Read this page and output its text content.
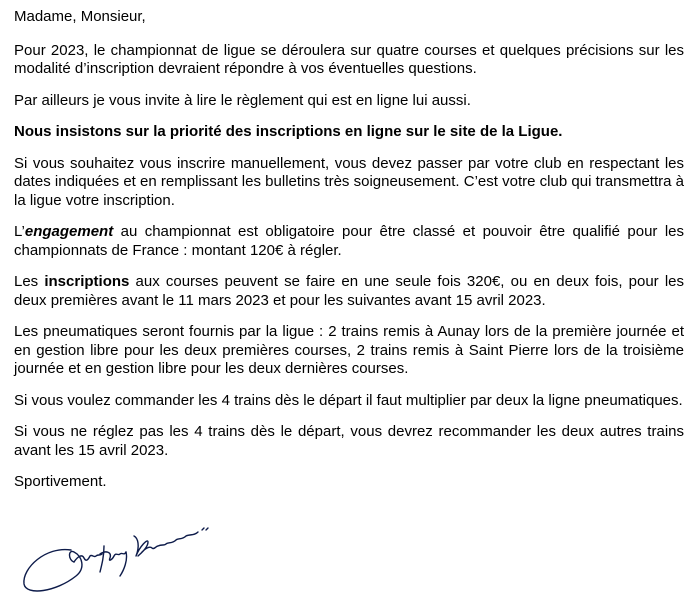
Madame, Monsieur,

Pour 2023, le championnat de ligue se déroulera sur quatre courses et quelques précisions sur les modalité d’inscription devraient répondre à vos éventuelles questions.

Par ailleurs je vous invite à lire le règlement qui est en ligne lui aussi.

Nous insistons sur la priorité des inscriptions en ligne sur le site de la Ligue.

Si vous souhaitez vous inscrire manuellement, vous devez passer par votre club en respectant les dates indiquées et en remplissant les bulletins très soigneusement. C’est votre club qui transmettra à la ligue votre inscription.

L’engagement au championnat est obligatoire pour être classé et pouvoir être qualifié pour les championnats de France : montant 120€ à régler.

Les inscriptions aux courses peuvent se faire en une seule fois 320€, ou en deux fois, pour les deux premières avant le 11 mars 2023 et pour les suivantes avant 15 avril 2023.

Les pneumatiques seront fournis par la ligue : 2 trains remis à Aunay lors de la première journée et en gestion libre pour les deux premières courses, 2 trains remis à Saint Pierre lors de la troisième journée et en gestion libre pour les deux dernières courses.

Si vous voulez commander les 4 trains dès le départ il faut multiplier par deux la ligne pneumatiques.

Si vous ne réglez pas les 4 trains dès le départ, vous devrez recommander les deux autres trains avant les 15 avril 2023.

Sportivement.
